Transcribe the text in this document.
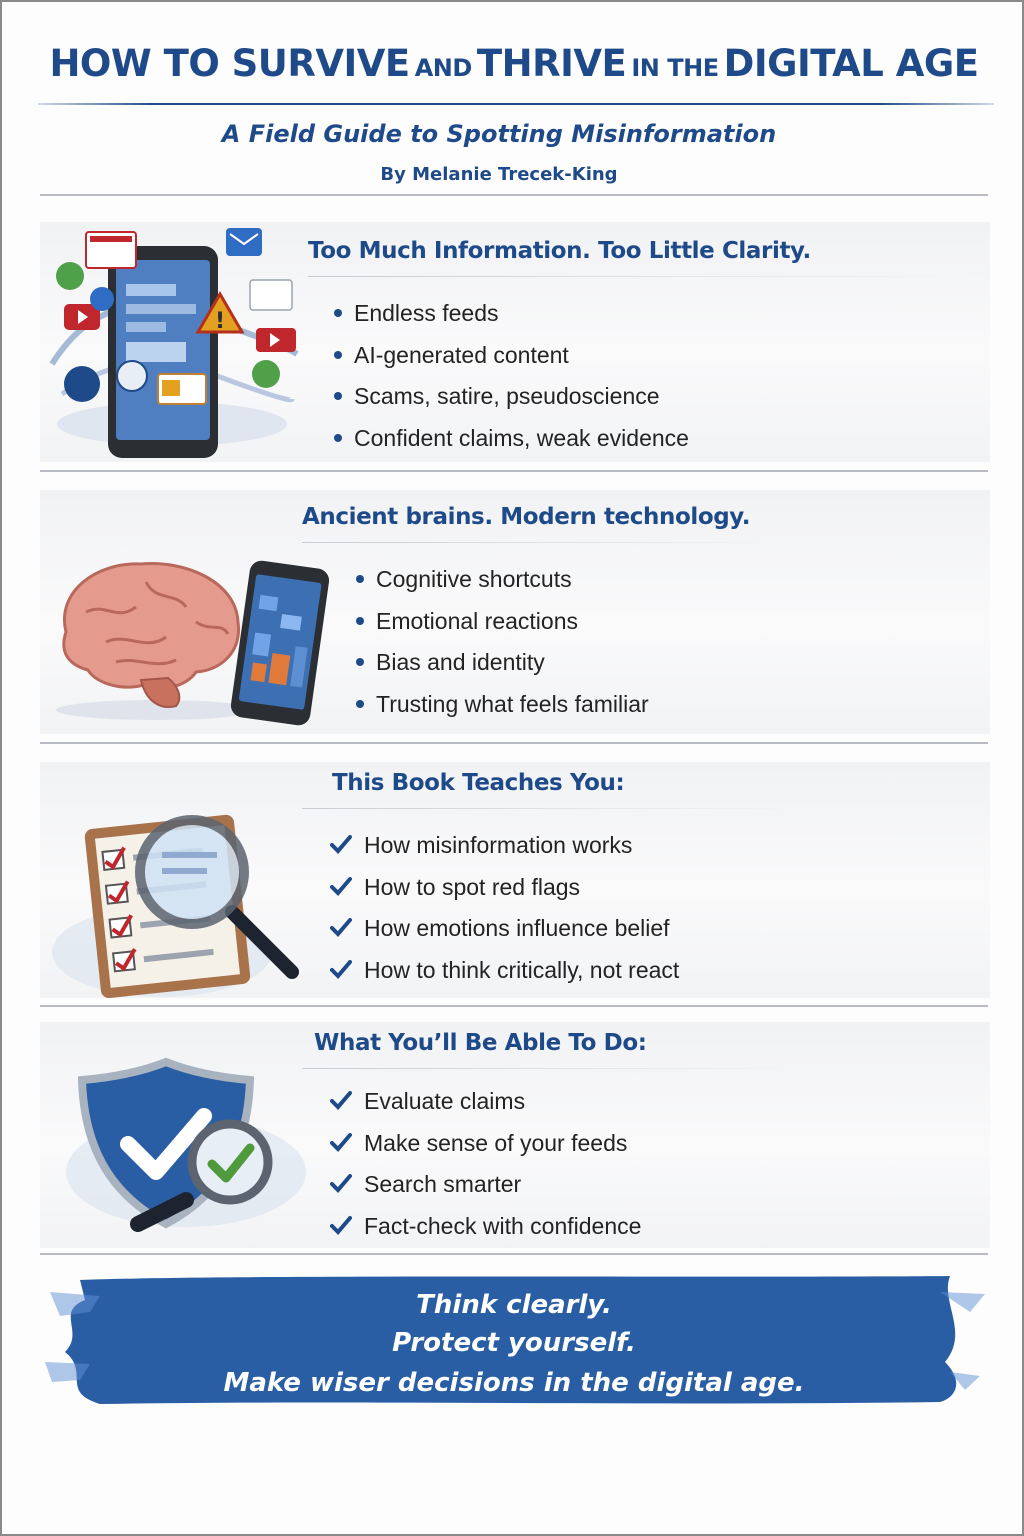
HOW TO SURVIVE AND THRIVE IN THE DIGITAL AGE
A Field Guide to Spotting Misinformation
By Melanie Trecek-King
!
Too Much Information. Too Little Clarity.
Endless feeds
AI-generated content
Scams, satire, pseudoscience
Confident claims, weak evidence
Ancient brains. Modern technology.
Cognitive shortcuts
Emotional reactions
Bias and identity
Trusting what feels familiar
This Book Teaches You:
How misinformation works
How to spot red flags
How emotions influence belief
How to think critically, not react
What You’ll Be Able To Do:
Evaluate claims
Make sense of your feeds
Search smarter
Fact-check with confidence
Think clearly.
Protect yourself.
Make wiser decisions in the digital age.
